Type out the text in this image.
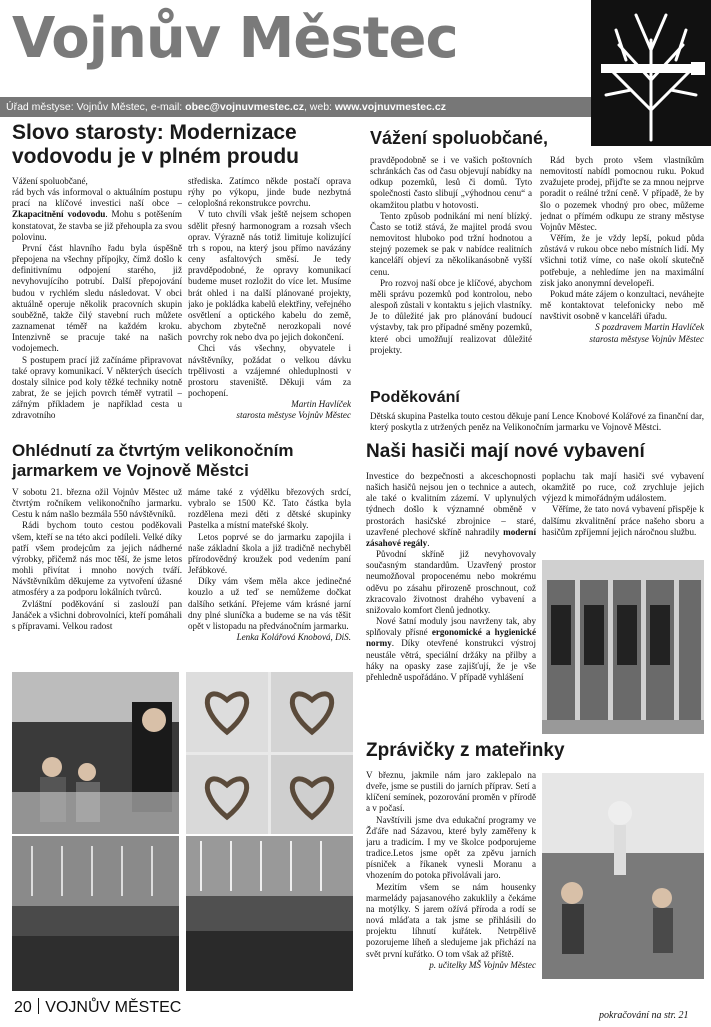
Vojnův Městec
Úřad městyse: Vojnův Městec, e-mail: obec@vojnuvmestec.cz, web: www.vojnuvmestec.cz
Slovo starosty: Modernizace
vodovodu je v plném proudu

Vážení spoluobčané,

rád bych vás informoval o aktuálním postupu prací na klíčové investici naší obce – Zkapacitnění vodovodu. Mohu s potěšením konstatovat, že stavba se již přehoupla za svou polovinu.

První část hlavního řadu byla úspěšně přepojena na všechny přípojky, čímž došlo k definitivnímu odpojení starého, již nevyhovujícího potrubí. Další přepojování budou v rychlém sledu následovat. V obci aktuálně operuje několik pracovních skupin souběžně, takže čilý stavební ruch můžete zaznamenat téměř na každém kroku. Intenzivně se pracuje také na našich vodojemech.

S postupem prací již začínáme připravovat také opravy komunikací. V některých úsecích dostaly silnice pod koly těžké techniky notně zabrat, že se jejich povrch téměř vytratil – zářným příkladem je například cesta u zdravotního

střediska. Zatímco někde postačí oprava rýhy po výkopu, jinde bude nezbytná celoplošná rekonstrukce povrchu.

V tuto chvíli však ještě nejsem schopen sdělit přesný harmonogram a rozsah všech oprav. Výrazně nás totiž limituje kolizující trh s ropou, na který jsou přímo navázány ceny asfaltových směsí. Je tedy pravděpodobné, že opravy komunikací budeme muset rozložit do více let. Musíme brát ohled i na další plánované projekty, jako je pokládka kabelů elektřiny, veřejného osvětlení a optického kabelu do země, abychom zbytečně nerozkopali nové povrchy rok nebo dva po jejich dokončení.

Chci vás všechny, obyvatele i návštěvníky, požádat o velkou dávku trpělivosti a vzájemné ohleduplnosti v prostoru staveniště. Děkuji vám za pochopení.

Martin Havlíček

starosta městyse Vojnův Městec

Vážení spoluobčané,

pravděpodobně se i ve vašich poštovních schránkách čas od času objevují nabídky na odkup pozemků, lesů či domů. Tyto společnosti často slibují „výhodnou cenu“ a okamžitou platbu v hotovosti.

Tento způsob podnikání mi není blízký. Často se totiž stává, že majitel prodá svou nemovitost hluboko pod tržní hodnotou a stejný pozemek se pak v nabídce realitních kanceláří objeví za několikanásobně vyšší cenu.

Pro rozvoj naší obce je klíčové, abychom měli správu pozemků pod kontrolou, nebo alespoň zůstali v kontaktu s jejich vlastníky. Je to důležité jak pro plánování budoucí výstavby, tak pro případné směny pozemků, které obci umožňují realizovat důležité projekty.

Rád bych proto všem vlastníkům nemovitostí nabídl pomocnou ruku. Pokud zvažujete prodej, přijďte se za mnou nejprve poradit o reálné tržní ceně. V případě, že by šlo o pozemek vhodný pro obec, můžeme jednat o přímém odkupu ze strany městyse Vojnův Městec.

Věřím, že je vždy lepší, pokud půda zůstává v rukou obce nebo místních lidí. My všichni totiž víme, co naše okolí skutečně potřebuje, a nehledíme jen na maximální zisk jako anonymní developeři.

Pokud máte zájem o konzultaci, neváhejte mě kontaktovat telefonicky nebo mě navštivit osobně v kanceláři úřadu.

S pozdravem Martin Havlíček

starosta městyse Vojnův Městec

Poděkování
Dětská skupina Pastelka touto cestou děkuje paní Lence Knobové Kolářové za finanční dar, který poskytla z utržených peněz na Velikonočním jarmarku ve Vojnově Městci.
Ohlédnutí za čtvrtým velikonočním
jarmarkem ve Vojnově Městci

V sobotu 21. března ožil Vojnův Městec už čtvrtým ročníkem velikonočního jarmarku. Cestu k nám našlo bezmála 550 návštěvníků.

Rádi bychom touto cestou poděkovali všem, kteří se na této akci podíleli. Velké díky patří všem prodejcům za jejich nádherné výrobky, přičemž nás moc těší, že jsme letos mohli přivítat i mnoho nových tváří. Návštěvníkům děkujeme za vytvoření úžasné atmosféry a za podporu lokálních tvůrců.

Zvláštní poděkování si zaslouží pan Janáček a všichni dobrovolníci, kteří pomáhali s přípravami. Velkou radost

máme také z výdělku březových srdcí, vybralo se 1500 Kč. Tato částka byla rozdělena mezi děti z dětské skupinky Pastelka a místní mateřské školy.

Letos poprvé se do jarmarku zapojila i naše základní škola a již tradičně nechyběl přírodovědný kroužek pod vedením paní Jeřábkové.

Díky vám všem měla akce jedinečné kouzlo a už teď se nemůžeme dočkat dalšího setkání. Přejeme vám krásné jarní dny plné sluníčka a budeme se na vás těšit opět v listopadu na předvánočním jarmarku.

Lenka Kolářová Knobová, DiS.

Naši hasiči mají nové vybavení

Investice do bezpečnosti a akceschopnosti našich hasičů nejsou jen o technice a autech, ale také o kvalitním zázemí. V uplynulých týdnech došlo k významné obměně v prostorách hasičské zbrojnice – staré, uzavřené plechové skříně nahradily moderní zásahové regály.

Původní skříně již nevyhovovaly současným standardům. Uzavřený prostor neumožňoval propocenému nebo mokrému oděvu po zásahu přirozeně proschnout, což zkracovalo životnost drahého vybavení a snižovalo komfort členů jednotky.

Nové šatní moduly jsou navrženy tak, aby splňovaly přísné ergonomické a hygienické normy. Díky otevřené konstrukci výstroj neustále větrá, speciální držáky na přilby a háky na opasky zase zajišťují, že je vše přehledně uspořádáno. V případě vyhlášení

poplachu tak mají hasiči své vybavení okamžitě po ruce, což zrychluje jejich výjezd k mimořádným událostem.

Věříme, že tato nová vybavení přispěje k dalšímu zkvalitnění práce našeho sboru a hasičům zpříjemní jejich náročnou službu.

Zprávičky z mateřinky

V březnu, jakmile nám jaro zaklepalo na dveře, jsme se pustili do jarních příprav. Setí a klíčení semínek, pozorování proměn v přírodě a v počasí.

Navštívili jsme dva edukační programy ve Žďáře nad Sázavou, které byly zaměřeny k jaru a tradicím. I my ve školce podporujeme tradice.Letos jsme opět za zpěvu jarních písniček a říkanek vynesli Moranu a vhozením do potoka přivolávali jaro.

Mezitím všem se nám housenky marmelády pajasanového zakuklily a čekáme na motýlky. S jarem ožívá příroda a rodí se nová mláďata a tak jsme se přihlásili do projektu líhnutí kuřátek. Netrpělivě pozorujeme líheň a sledujeme jak přichází na svět první kuřátko. O tom však až příště.

p. učitelky MŠ Vojnův Městec

pokračování na str. 21
20 VOJNŮV MĚSTEC
